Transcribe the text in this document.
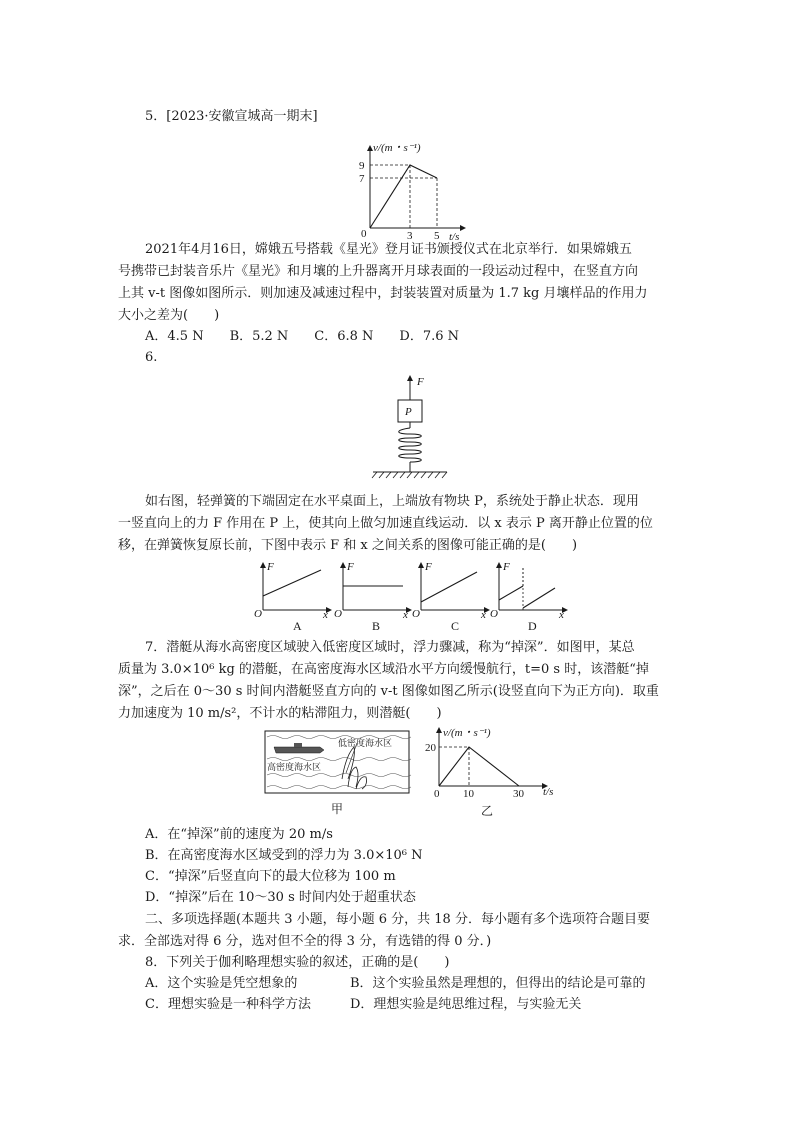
5．[2023·安徽宣城高一期末]
v/(m・s⁻¹)
9
7
0	3 5 t/s
2021年4月16日，嫦娥五号搭载《星光》登月证书颁授仪式在北京举行．如果嫦娥五
号携带已封装音乐片《星光》和月壤的上升器离开月球表面的一段运动过程中，在竖直方向
上其 v-t 图像如图所示．则加速及减速过程中，封装装置对质量为 1.7 kg 月壤样品的作用力
大小之差为(　　)
A．4.5 N　　B．5.2 N　　C．6.8 N　　D．7.6 N
6.
F
P
如右图，轻弹簧的下端固定在水平桌面上，上端放有物块 P，系统处于静止状态．现用
一竖直向上的力 F 作用在 P 上，使其向上做匀加速直线运动．以 x 表示 P 离开静止位置的位
移，在弹簧恢复原长前，下图中表示 F 和 x 之间关系的图像可能正确的是(　　)
F
O	x
F
O	x
F
O	x
F
O	x
A	B	C	D
7．潜艇从海水高密度区域驶入低密度区域时，浮力骤减，称为“掉深”．如图甲，某总
质量为 3.0×10⁶ kg 的潜艇，在高密度海水区域沿水平方向缓慢航行，t=0 s 时，该潜艇“掉
深”，之后在 0～30 s 时间内潜艇竖直方向的 v-t 图像如图乙所示(设竖直向下为正方向)．取重
力加速度为 10 m/s²，不计水的粘滞阻力，则潜艇(　　)
低密度海水区
高密度海水区
甲
v/(m・s⁻¹)
20
0 10	30 t/s
乙
A．在“掉深”前的速度为 20 m/s
B．在高密度海水区域受到的浮力为 3.0×10⁶ N
C．“掉深”后竖直向下的最大位移为 100 m
D．“掉深”后在 10～30 s 时间内处于超重状态
二、多项选择题(本题共 3 小题，每小题 6 分，共 18 分．每小题有多个选项符合题目要
求．全部选对得 6 分，选对但不全的得 3 分，有选错的得 0 分．)
8．下列关于伽利略理想实验的叙述，正确的是(　　)
A．这个实验是凭空想象的	B．这个实验虽然是理想的，但得出的结论是可靠的
C．理想实验是一种科学方法	D．理想实验是纯思维过程，与实验无关
